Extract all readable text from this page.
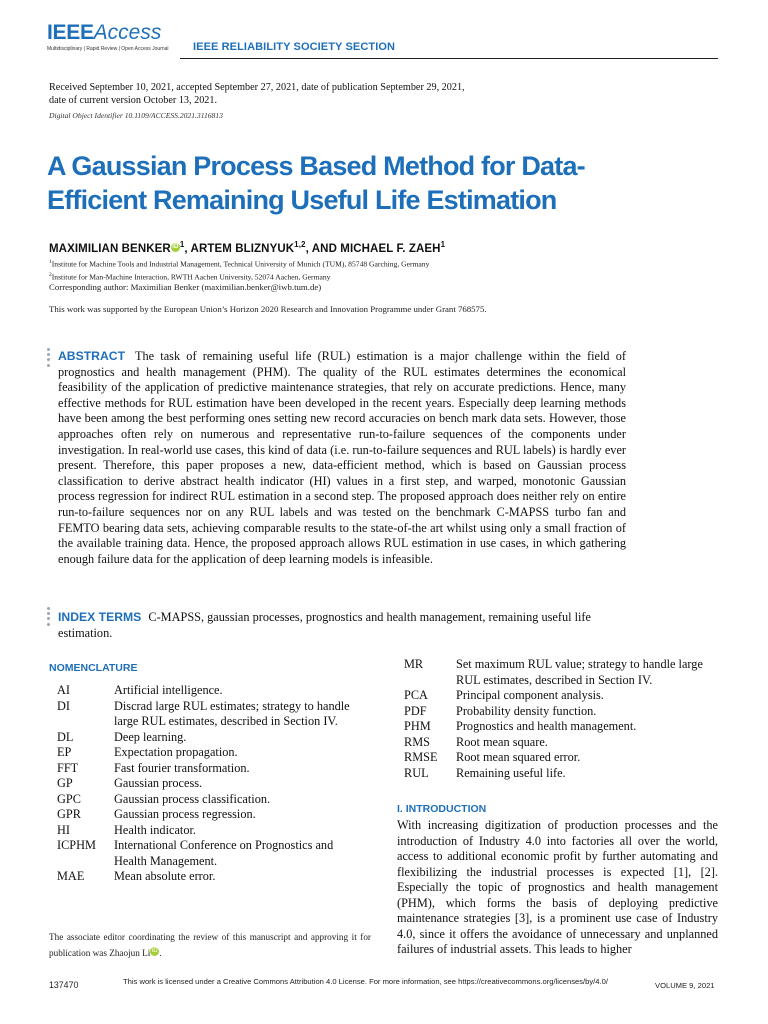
IEEEAccess
Multidisciplinary | Rapid Review | Open Access Journal	IEEE RELIABILITY SOCIETY SECTION
Received September 10, 2021, accepted September 27, 2021, date of publication September 29, 2021,
date of current version October 13, 2021.
Digital Object Identifier 10.1109/ACCESS.2021.3116813
A Gaussian Process Based Method for Data-Efficient Remaining Useful Life Estimation
MAXIMILIAN BENKERiD$^1$, ARTEM BLIZNYUK$^{1,2}$, AND MICHAEL F. ZAEH$^1$
$^1$Institute for Machine Tools and Industrial Management, Technical University of Munich (TUM), 85748 Garching, Germany
$^2$Institute for Man-Machine Interaction, RWTH Aachen University, 52074 Aachen, Germany
Corresponding author: Maximilian Benker (maximilian.benker@iwb.tum.de)
This work was supported by the European Union’s Horizon 2020 Research and Innovation Programme under Grant 768575.
ABSTRACT The task of remaining useful life (RUL) estimation is a major challenge within the field of prognostics and health management (PHM). The quality of the RUL estimates determines the economical feasibility of the application of predictive maintenance strategies, that rely on accurate predictions. Hence, many effective methods for RUL estimation have been developed in the recent years. Especially deep learning methods have been among the best performing ones setting new record accuracies on bench mark data sets. However, those approaches often rely on numerous and representative run-to-failure sequences of the components under investigation. In real-world use cases, this kind of data (i.e. run-to-failure sequences and RUL labels) is hardly ever present. Therefore, this paper proposes a new, data-efficient method, which is based on Gaussian process classification to derive abstract health indicator (HI) values in a first step, and warped, monotonic Gaussian process regression for indirect RUL estimation in a second step. The proposed approach does neither rely on entire run-to-failure sequences nor on any RUL labels and was tested on the benchmark C-MAPSS turbo fan and FEMTO bearing data sets, achieving comparable results to the state-of-the art whilst using only a small fraction of the available training data. Hence, the proposed approach allows RUL estimation in use cases, in which gathering enough failure data for the application of deep learning models is infeasible.
INDEX TERMS C-MAPSS, gaussian processes, prognostics and health management, remaining useful life estimation.
NOMENCLATURE
AI	Artificial intelligence.
DI	Discrad large RUL estimates; strategy to handle large RUL estimates, described in Section IV.
DL	Deep learning.
EP	Expectation propagation.
FFT	Fast fourier transformation.
GP	Gaussian process.
GPC	Gaussian process classification.
GPR	Gaussian process regression.
HI	Health indicator.
ICPHM	International Conference on Prognostics and Health Management.
MAE	Mean absolute error.
MR	Set maximum RUL value; strategy to handle large RUL estimates, described in Section IV.
PCA	Principal component analysis.
PDF	Probability density function.
PHM	Prognostics and health management.
RMS	Root mean square.
RMSE	Root mean squared error.
RUL	Remaining useful life.
The associate editor coordinating the review of this manuscript and approving it for publication was Zhaojun Li iD .
I. INTRODUCTION
With increasing digitization of production processes and the introduction of Industry 4.0 into factories all over the world, access to additional economic profit by further automating and flexibilizing the industrial processes is expected [1], [2]. Especially the topic of prognostics and health management (PHM), which forms the basis of deploying predictive maintenance strategies [3], is a prominent use case of Industry 4.0, since it offers the avoidance of unnecessary and unplanned failures of industrial assets. This leads to higher
137470	This work is licensed under a Creative Commons Attribution 4.0 License. For more information, see https://creativecommons.org/licenses/by/4.0/	VOLUME 9, 2021
